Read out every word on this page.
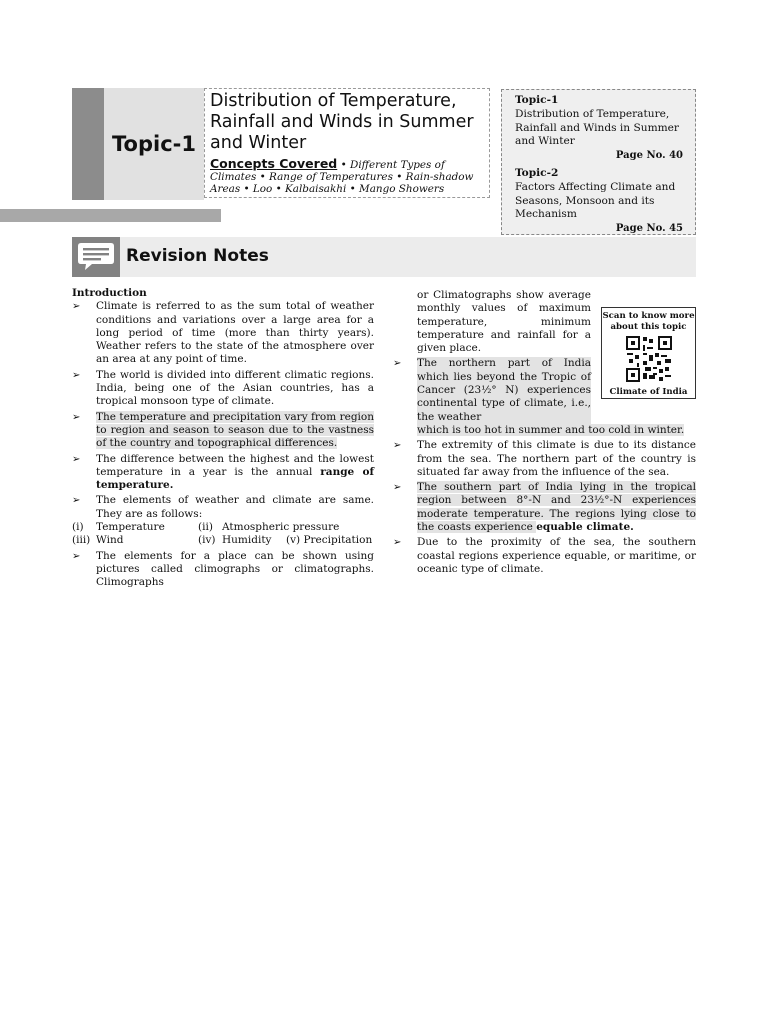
Topic-1
Distribution of Temperature, Rainfall and Winds in Summer and Winter
Concepts Covered • Different Types of Climates • Range of Temperatures • Rain-shadow Areas • Loo • Kalbaisakhi • Mango Showers
Topic-1
Distribution of Temperature, Rainfall and Winds in Summer and Winter
Page No. 40
Topic-2
Factors Affecting Climate and Seasons, Monsoon and its Mechanism
Page No. 45
Revision Notes
Introduction
➢ Climate is referred to as the sum total of weather conditions and variations over a large area for a long period of time (more than thirty years). Weather refers to the state of the atmosphere over an area at any point of time.
➢ The world is divided into different climatic regions. India, being one of the Asian countries, has a tropical monsoon type of climate.
➢ The temperature and precipitation vary from region to region and season to season due to the vastness of the country and topographical differences.
➢ The difference between the highest and the lowest temperature in a year is the annual range of temperature.
➢ The elements of weather and climate are same. They are as follows:
(i)	Temperature	(ii) Atmospheric pressure
(iii) Wind	(iv) Humidity	(v) Precipitation
➢ The elements for a place can be shown using pictures called climographs or climatographs. Climographs
Scan to know more about this topic
Climate of India
or Climatographs show average monthly values of maximum temperature, minimum temperature and rainfall for a given place.
➢ The northern part of India which lies beyond the Tropic of Cancer (23½° N) experiences continental type of climate, i.e., the weather
which is too hot in summer and too cold in winter.
➢ The extremity of this climate is due to its distance from the sea. The northern part of the country is situated far away from the influence of the sea.
➢ The southern part of India lying in the tropical region between 8°-N and 23½°-N experiences moderate temperature. The regions lying close to the coasts experience equable climate.
➢ Due to the proximity of the sea, the southern coastal regions experience equable, or maritime, or oceanic type of climate.
